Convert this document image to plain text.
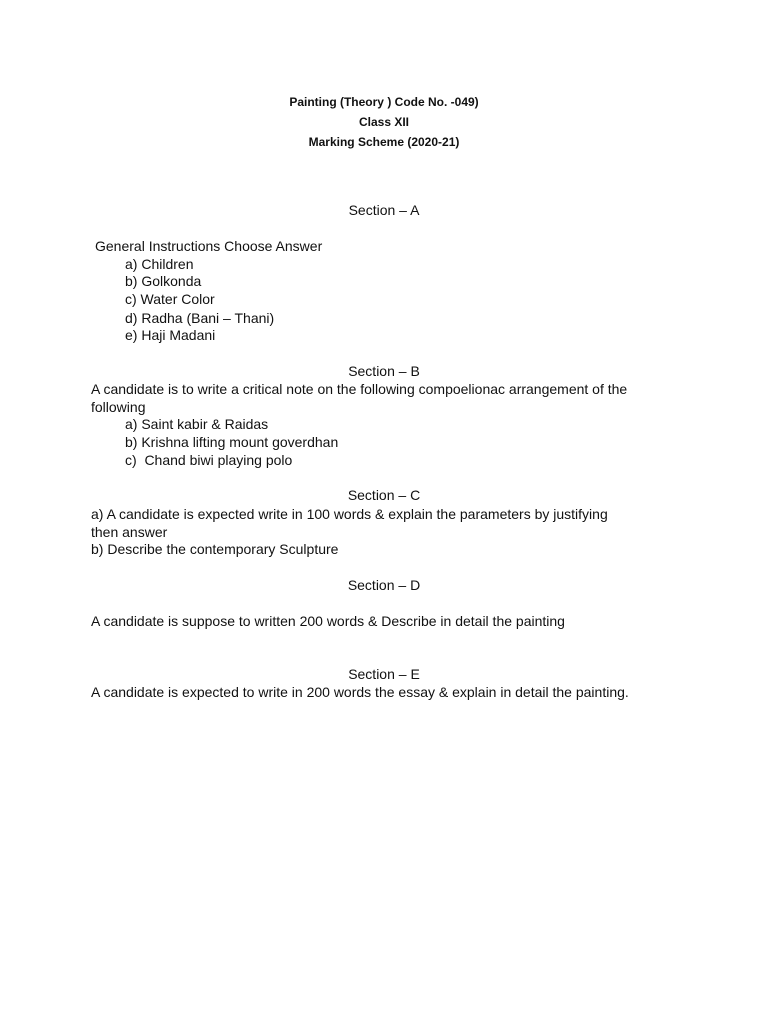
Painting (Theory ) Code No. -049)
Class XII
Marking Scheme (2020-21)
Section – A
General Instructions Choose Answer
a) Children
b) Golkonda
c) Water Color
d) Radha (Bani – Thani)
e) Haji Madani
Section – B
A candidate is to write a critical note on the following compoelionac arrangement of the
following
a) Saint kabir & Raidas
b) Krishna lifting mount goverdhan
c)  Chand biwi playing polo
Section – C
a) A candidate is expected write in 100 words & explain the parameters by justifying
then answer
b) Describe the contemporary Sculpture
Section – D
A candidate is suppose to written 200 words & Describe in detail the painting
Section – E
A candidate is expected to write in 200 words the essay & explain in detail the painting.
